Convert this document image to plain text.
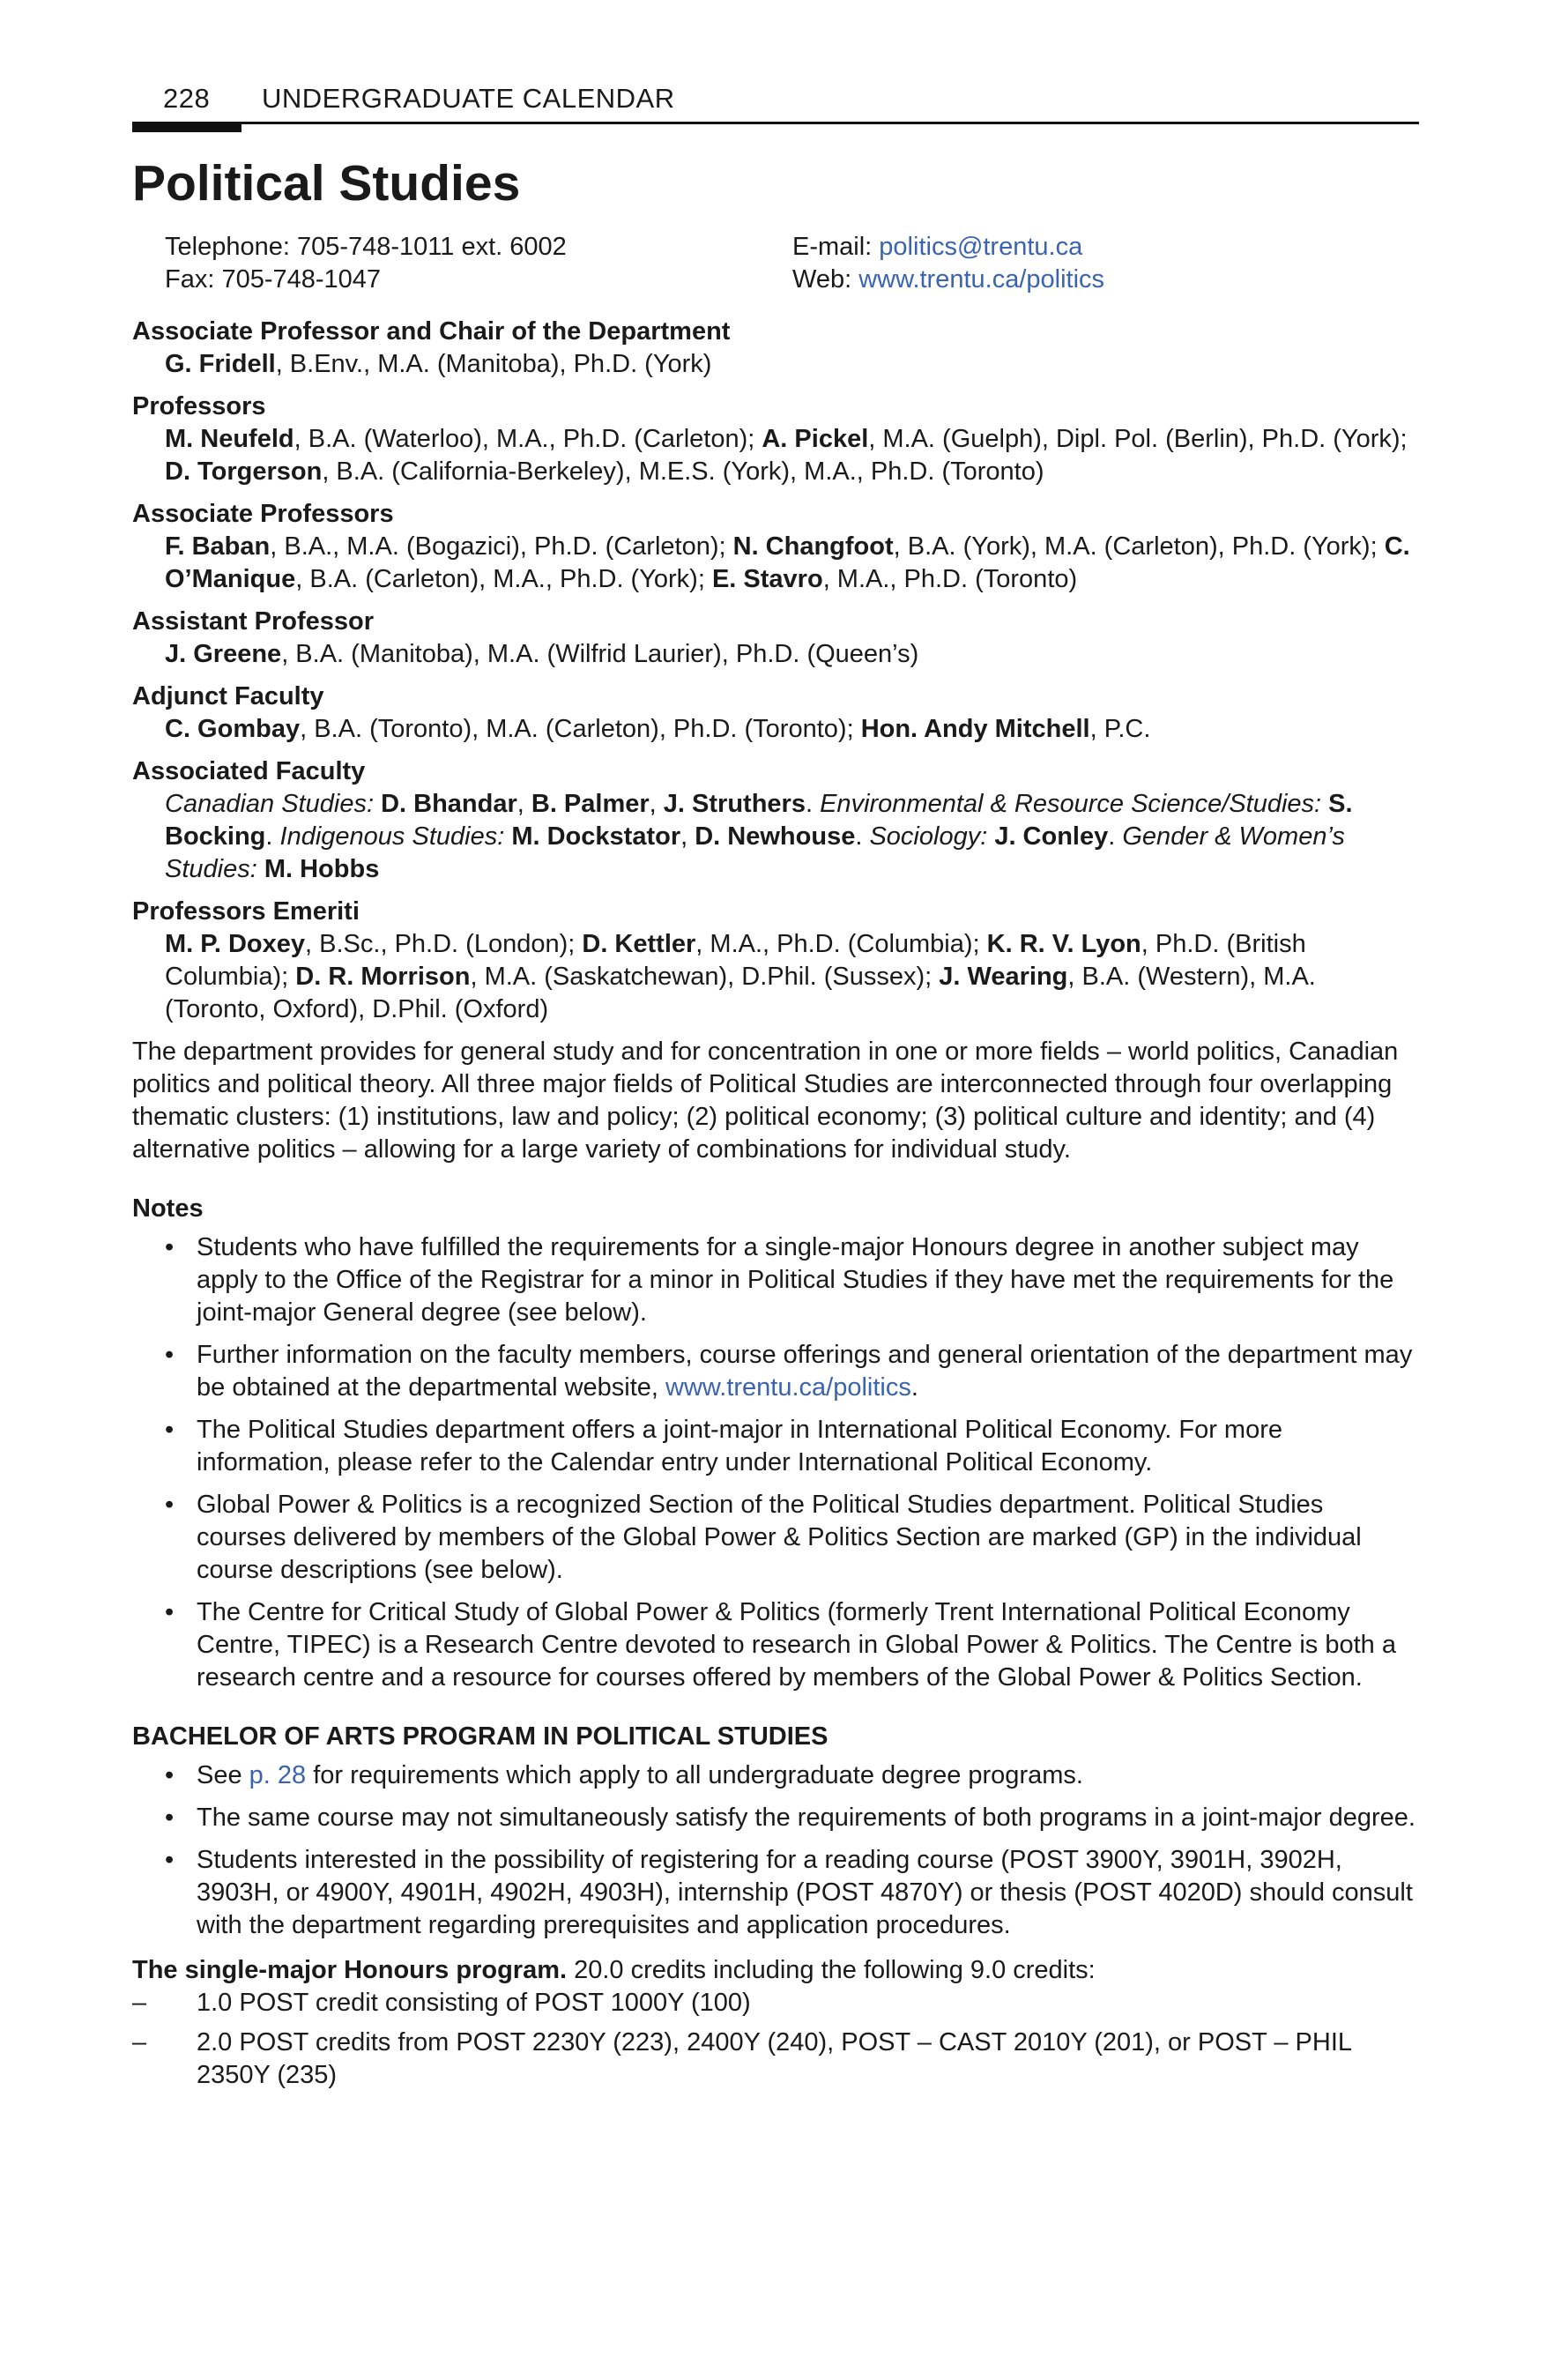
228 UNDERGRADUATE CALENDAR
Political Studies
Telephone: 705-748-1011 ext. 6002
Fax: 705-748-1047
E-mail: politics@trentu.ca
Web: www.trentu.ca/politics

Associate Professor and Chair of the Department

G. Fridell, B.Env., M.A. (Manitoba), Ph.D. (York)

Professors

M. Neufeld, B.A. (Waterloo), M.A., Ph.D. (Carleton); A. Pickel, M.A. (Guelph), Dipl. Pol. (Berlin), Ph.D. (York); D. Torgerson, B.A. (California-Berkeley), M.E.S. (York), M.A., Ph.D. (Toronto)

Associate Professors

F. Baban, B.A., M.A. (Bogazici), Ph.D. (Carleton); N. Changfoot, B.A. (York), M.A. (Carleton), Ph.D. (York); C. O’Manique, B.A. (Carleton), M.A., Ph.D. (York); E. Stavro, M.A., Ph.D. (Toronto)

Assistant Professor

J. Greene, B.A. (Manitoba), M.A. (Wilfrid Laurier), Ph.D. (Queen’s)

Adjunct Faculty

C. Gombay, B.A. (Toronto), M.A. (Carleton), Ph.D. (Toronto); Hon. Andy Mitchell, P.C.

Associated Faculty

Canadian Studies: D. Bhandar, B. Palmer, J. Struthers. Environmental & Resource Science/Studies: S. Bocking. Indigenous Studies: M. Dockstator, D. Newhouse. Sociology: J. Conley. Gender & Women’s Studies: M. Hobbs

Professors Emeriti

M. P. Doxey, B.Sc., Ph.D. (London); D. Kettler, M.A., Ph.D. (Columbia); K. R. V. Lyon, Ph.D. (British Columbia); D. R. Morrison, M.A. (Saskatchewan), D.Phil. (Sussex); J. Wearing, B.A. (Western), M.A. (Toronto, Oxford), D.Phil. (Oxford)

The department provides for general study and for concentration in one or more fields – world politics, Canadian politics and political theory. All three major fields of Political Studies are interconnected through four overlapping thematic clusters: (1) institutions, law and policy; (2) political economy; (3) political culture and identity; and (4) alternative politics – allowing for a large variety of combinations for individual study.

Notes

• Students who have fulfilled the requirements for a single-major Honours degree in another subject may apply to the Office of the Registrar for a minor in Political Studies if they have met the requirements for the joint-major General degree (see below).
• Further information on the faculty members, course offerings and general orientation of the department may be obtained at the departmental website, www.trentu.ca/politics.
• The Political Studies department offers a joint-major in International Political Economy. For more information, please refer to the Calendar entry under International Political Economy.
• Global Power & Politics is a recognized Section of the Political Studies department. Political Studies courses delivered by members of the Global Power & Politics Section are marked (GP) in the individual course descriptions (see below).
• The Centre for Critical Study of Global Power & Politics (formerly Trent International Political Economy Centre, TIPEC) is a Research Centre devoted to research in Global Power & Politics. The Centre is both a research centre and a resource for courses offered by members of the Global Power & Politics Section.

BACHELOR OF ARTS PROGRAM IN POLITICAL STUDIES

• See p. 28 for requirements which apply to all undergraduate degree programs.
• The same course may not simultaneously satisfy the requirements of both programs in a joint-major degree.
• Students interested in the possibility of registering for a reading course (POST 3900Y, 3901H, 3902H, 3903H, or 4900Y, 4901H, 4902H, 4903H), internship (POST 4870Y) or thesis (POST 4020D) should consult with the department regarding prerequisites and application procedures.

The single-major Honours program. 20.0 credits including the following 9.0 credits:

– 1.0 POST credit consisting of POST 1000Y (100)
– 2.0 POST credits from POST 2230Y (223), 2400Y (240), POST – CAST 2010Y (201), or POST – PHIL 2350Y (235)
